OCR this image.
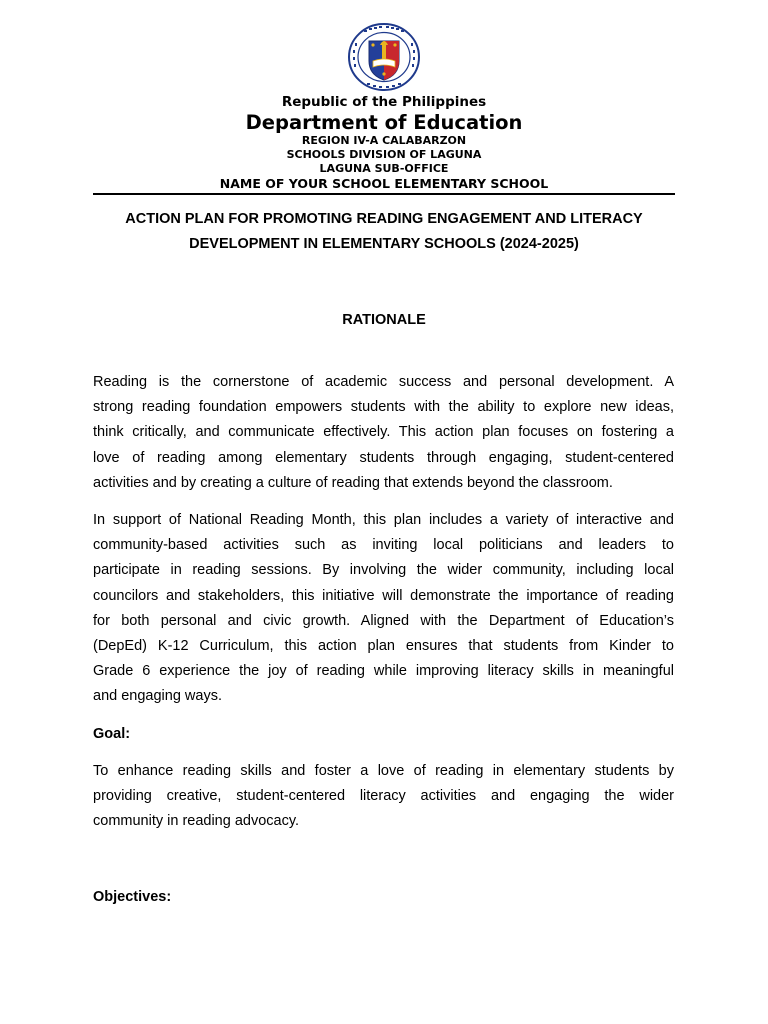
Republic of the Philippines
Department of Education
REGION IV-A CALABARZON
SCHOOLS DIVISION OF LAGUNA
LAGUNA SUB-OFFICE
NAME OF YOUR SCHOOL ELEMENTARY SCHOOL
ACTION PLAN FOR PROMOTING READING ENGAGEMENT AND LITERACY
DEVELOPMENT IN ELEMENTARY SCHOOLS (2024-2025)
RATIONALE
Reading is the cornerstone of academic success and personal development. A
strong reading foundation empowers students with the ability to explore new ideas,
think critically, and communicate effectively. This action plan focuses on fostering a
love of reading among elementary students through engaging, student-centered
activities and by creating a culture of reading that extends beyond the classroom.
In support of National Reading Month, this plan includes a variety of interactive and
community-based activities such as inviting local politicians and leaders to
participate in reading sessions. By involving the wider community, including local
councilors and stakeholders, this initiative will demonstrate the importance of reading
for both personal and civic growth. Aligned with the Department of Education’s
(DepEd) K-12 Curriculum, this action plan ensures that students from Kinder to
Grade 6 experience the joy of reading while improving literacy skills in meaningful
and engaging ways.
Goal:
To enhance reading skills and foster a love of reading in elementary students by
providing creative, student-centered literacy activities and engaging the wider
community in reading advocacy.
Objectives:
